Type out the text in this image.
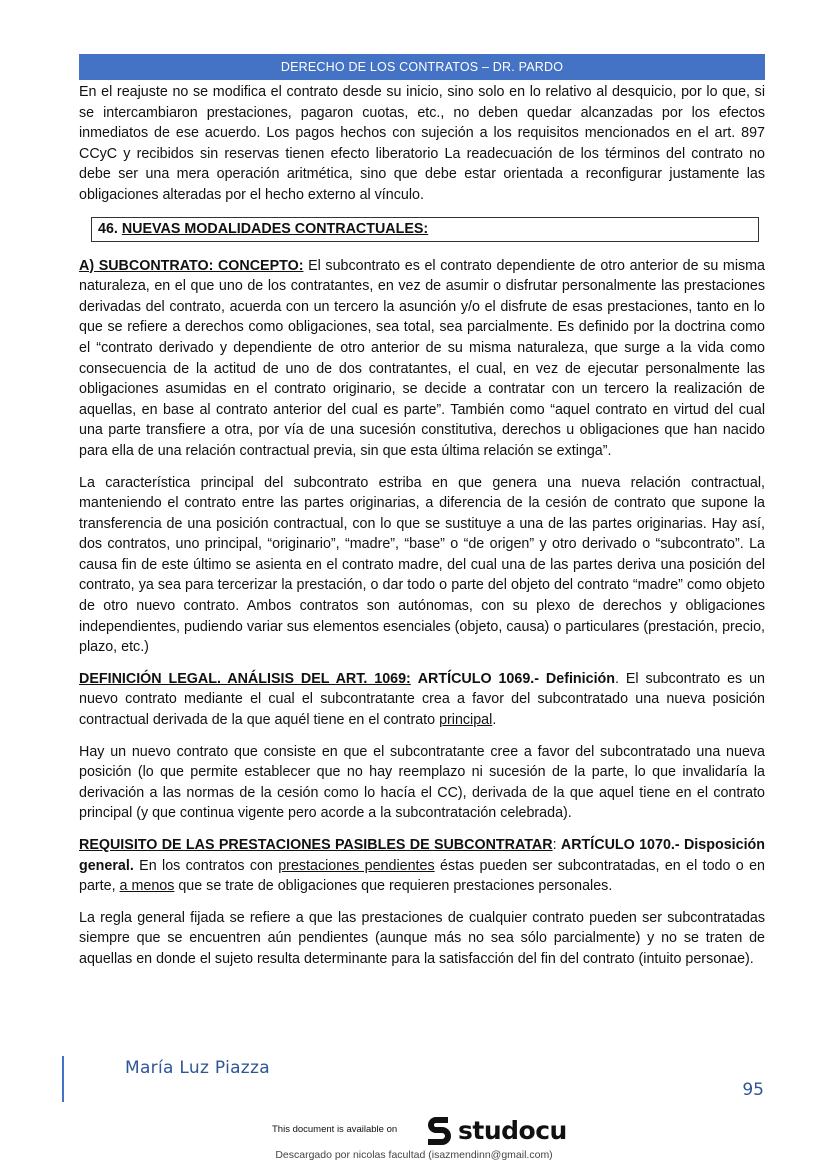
DERECHO DE LOS CONTRATOS – DR. PARDO

En el reajuste no se modifica el contrato desde su inicio, sino solo en lo relativo al desquicio, por lo que, si se intercambiaron prestaciones, pagaron cuotas, etc., no deben quedar alcanzadas por los efectos inmediatos de ese acuerdo. Los pagos hechos con sujeción a los requisitos mencionados en el art. 897 CCyC y recibidos sin reservas tienen efecto liberatorio La readecuación de los términos del contrato no debe ser una mera operación aritmética, sino que debe estar orientada a reconfigurar justamente las obligaciones alteradas por el hecho externo al vínculo.

46. NUEVAS MODALIDADES CONTRACTUALES:

A) SUBCONTRATO: CONCEPTO: El subcontrato es el contrato dependiente de otro anterior de su misma naturaleza, en el que uno de los contratantes, en vez de asumir o disfrutar personalmente las prestaciones derivadas del contrato, acuerda con un tercero la asunción y/o el disfrute de esas prestaciones, tanto en lo que se refiere a derechos como obligaciones, sea total, sea parcialmente. Es definido por la doctrina como el “contrato derivado y dependiente de otro anterior de su misma naturaleza, que surge a la vida como consecuencia de la actitud de uno de dos contratantes, el cual, en vez de ejecutar personalmente las obligaciones asumidas en el contrato originario, se decide a contratar con un tercero la realización de aquellas, en base al contrato anterior del cual es parte”. También como “aquel contrato en virtud del cual una parte transfiere a otra, por vía de una sucesión constitutiva, derechos u obligaciones que han nacido para ella de una relación contractual previa, sin que esta última relación se extinga”.

La característica principal del subcontrato estriba en que genera una nueva relación contractual, manteniendo el contrato entre las partes originarias, a diferencia de la cesión de contrato que supone la transferencia de una posición contractual, con lo que se sustituye a una de las partes originarias. Hay así, dos contratos, uno principal, “originario”, “madre”, “base” o “de origen” y otro derivado o “subcontrato”. La causa fin de este último se asienta en el contrato madre, del cual una de las partes deriva una posición del contrato, ya sea para tercerizar la prestación, o dar todo o parte del objeto del contrato “madre” como objeto de otro nuevo contrato. Ambos contratos son autónomas, con su plexo de derechos y obligaciones independientes, pudiendo variar sus elementos esenciales (objeto, causa) o particulares (prestación, precio, plazo, etc.)

DEFINICIÓN LEGAL. ANÁLISIS DEL ART. 1069: ARTÍCULO 1069.- Definición. El subcontrato es un nuevo contrato mediante el cual el subcontratante crea a favor del subcontratado una nueva posición contractual derivada de la que aquél tiene en el contrato principal.

Hay un nuevo contrato que consiste en que el subcontratante cree a favor del subcontratado una nueva posición (lo que permite establecer que no hay reemplazo ni sucesión de la parte, lo que invalidaría la derivación a las normas de la cesión como lo hacía el CC), derivada de la que aquel tiene en el contrato principal (y que continua vigente pero acorde a la subcontratación celebrada).

REQUISITO DE LAS PRESTACIONES PASIBLES DE SUBCONTRATAR: ARTÍCULO 1070.- Disposición general. En los contratos con prestaciones pendientes éstas pueden ser subcontratadas, en el todo o en parte, a menos que se trate de obligaciones que requieren prestaciones personales.

La regla general fijada se refiere a que las prestaciones de cualquier contrato pueden ser subcontratadas siempre que se encuentren aún pendientes (aunque más no sea sólo parcialmente) y no se traten de aquellas en donde el sujeto resulta determinante para la satisfacción del fin del contrato (intuito personae).

María Luz Piazza
95
This document is available on studocu
Descargado por nicolas facultad (isazmendinn@gmail.com)
